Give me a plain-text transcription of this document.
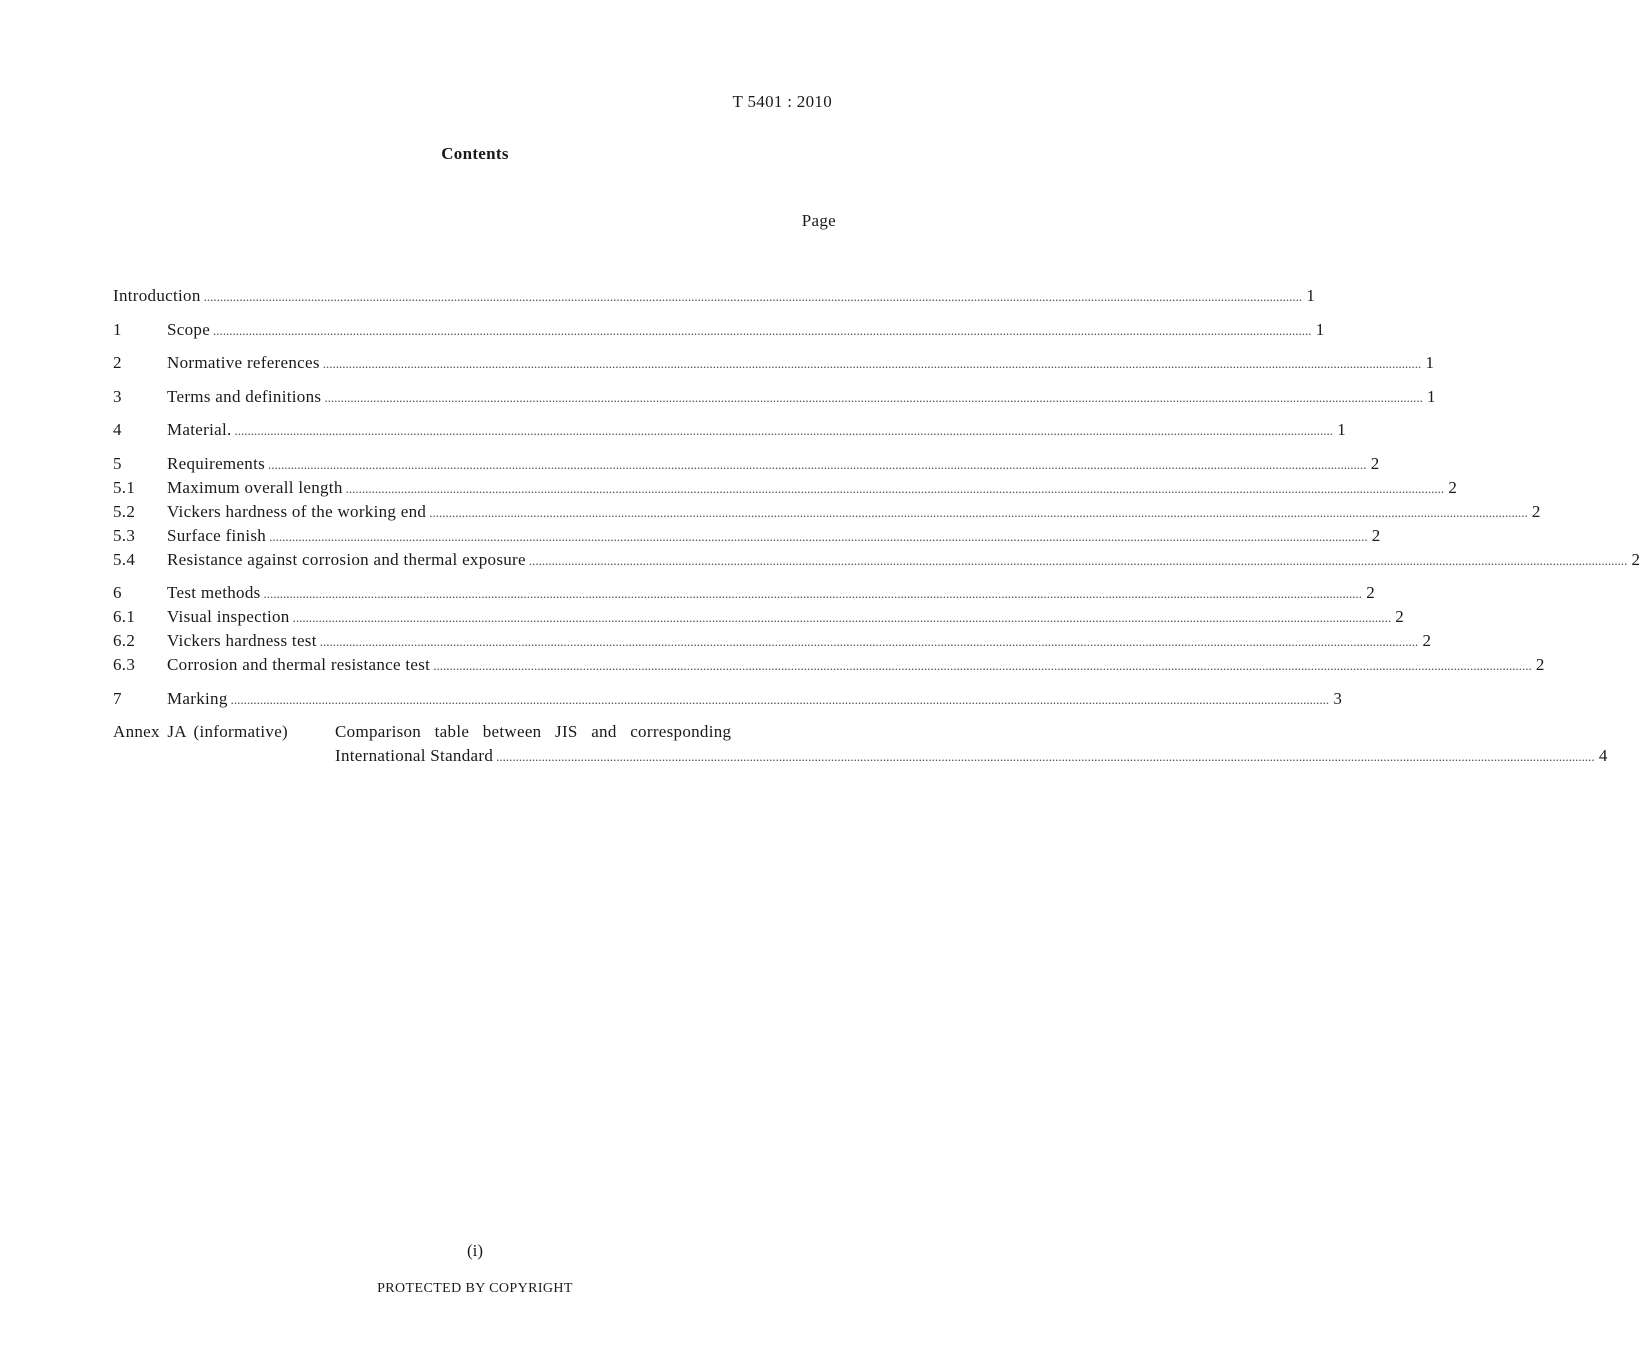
T 5401 : 2010
Contents
Page
Introduction .....	1
1	Scope .....	1
2	Normative references .....	1
3	Terms and definitions .....	1
4	Material. .....	1
5	Requirements .....	2
5.1	Maximum overall length .....	2
5.2	Vickers hardness of the working end .....	2
5.3	Surface finish .....	2
5.4	Resistance against corrosion and thermal exposure .....	2
6	Test methods .....	2
6.1	Visual inspection .....	2
6.2	Vickers hardness test .....	2
6.3	Corrosion and thermal resistance test .....	2
7	Marking .....	3
Annex JA (informative)	Comparison table between JIS and corresponding
International Standard .....	4
(i)
PROTECTED BY COPYRIGHT
